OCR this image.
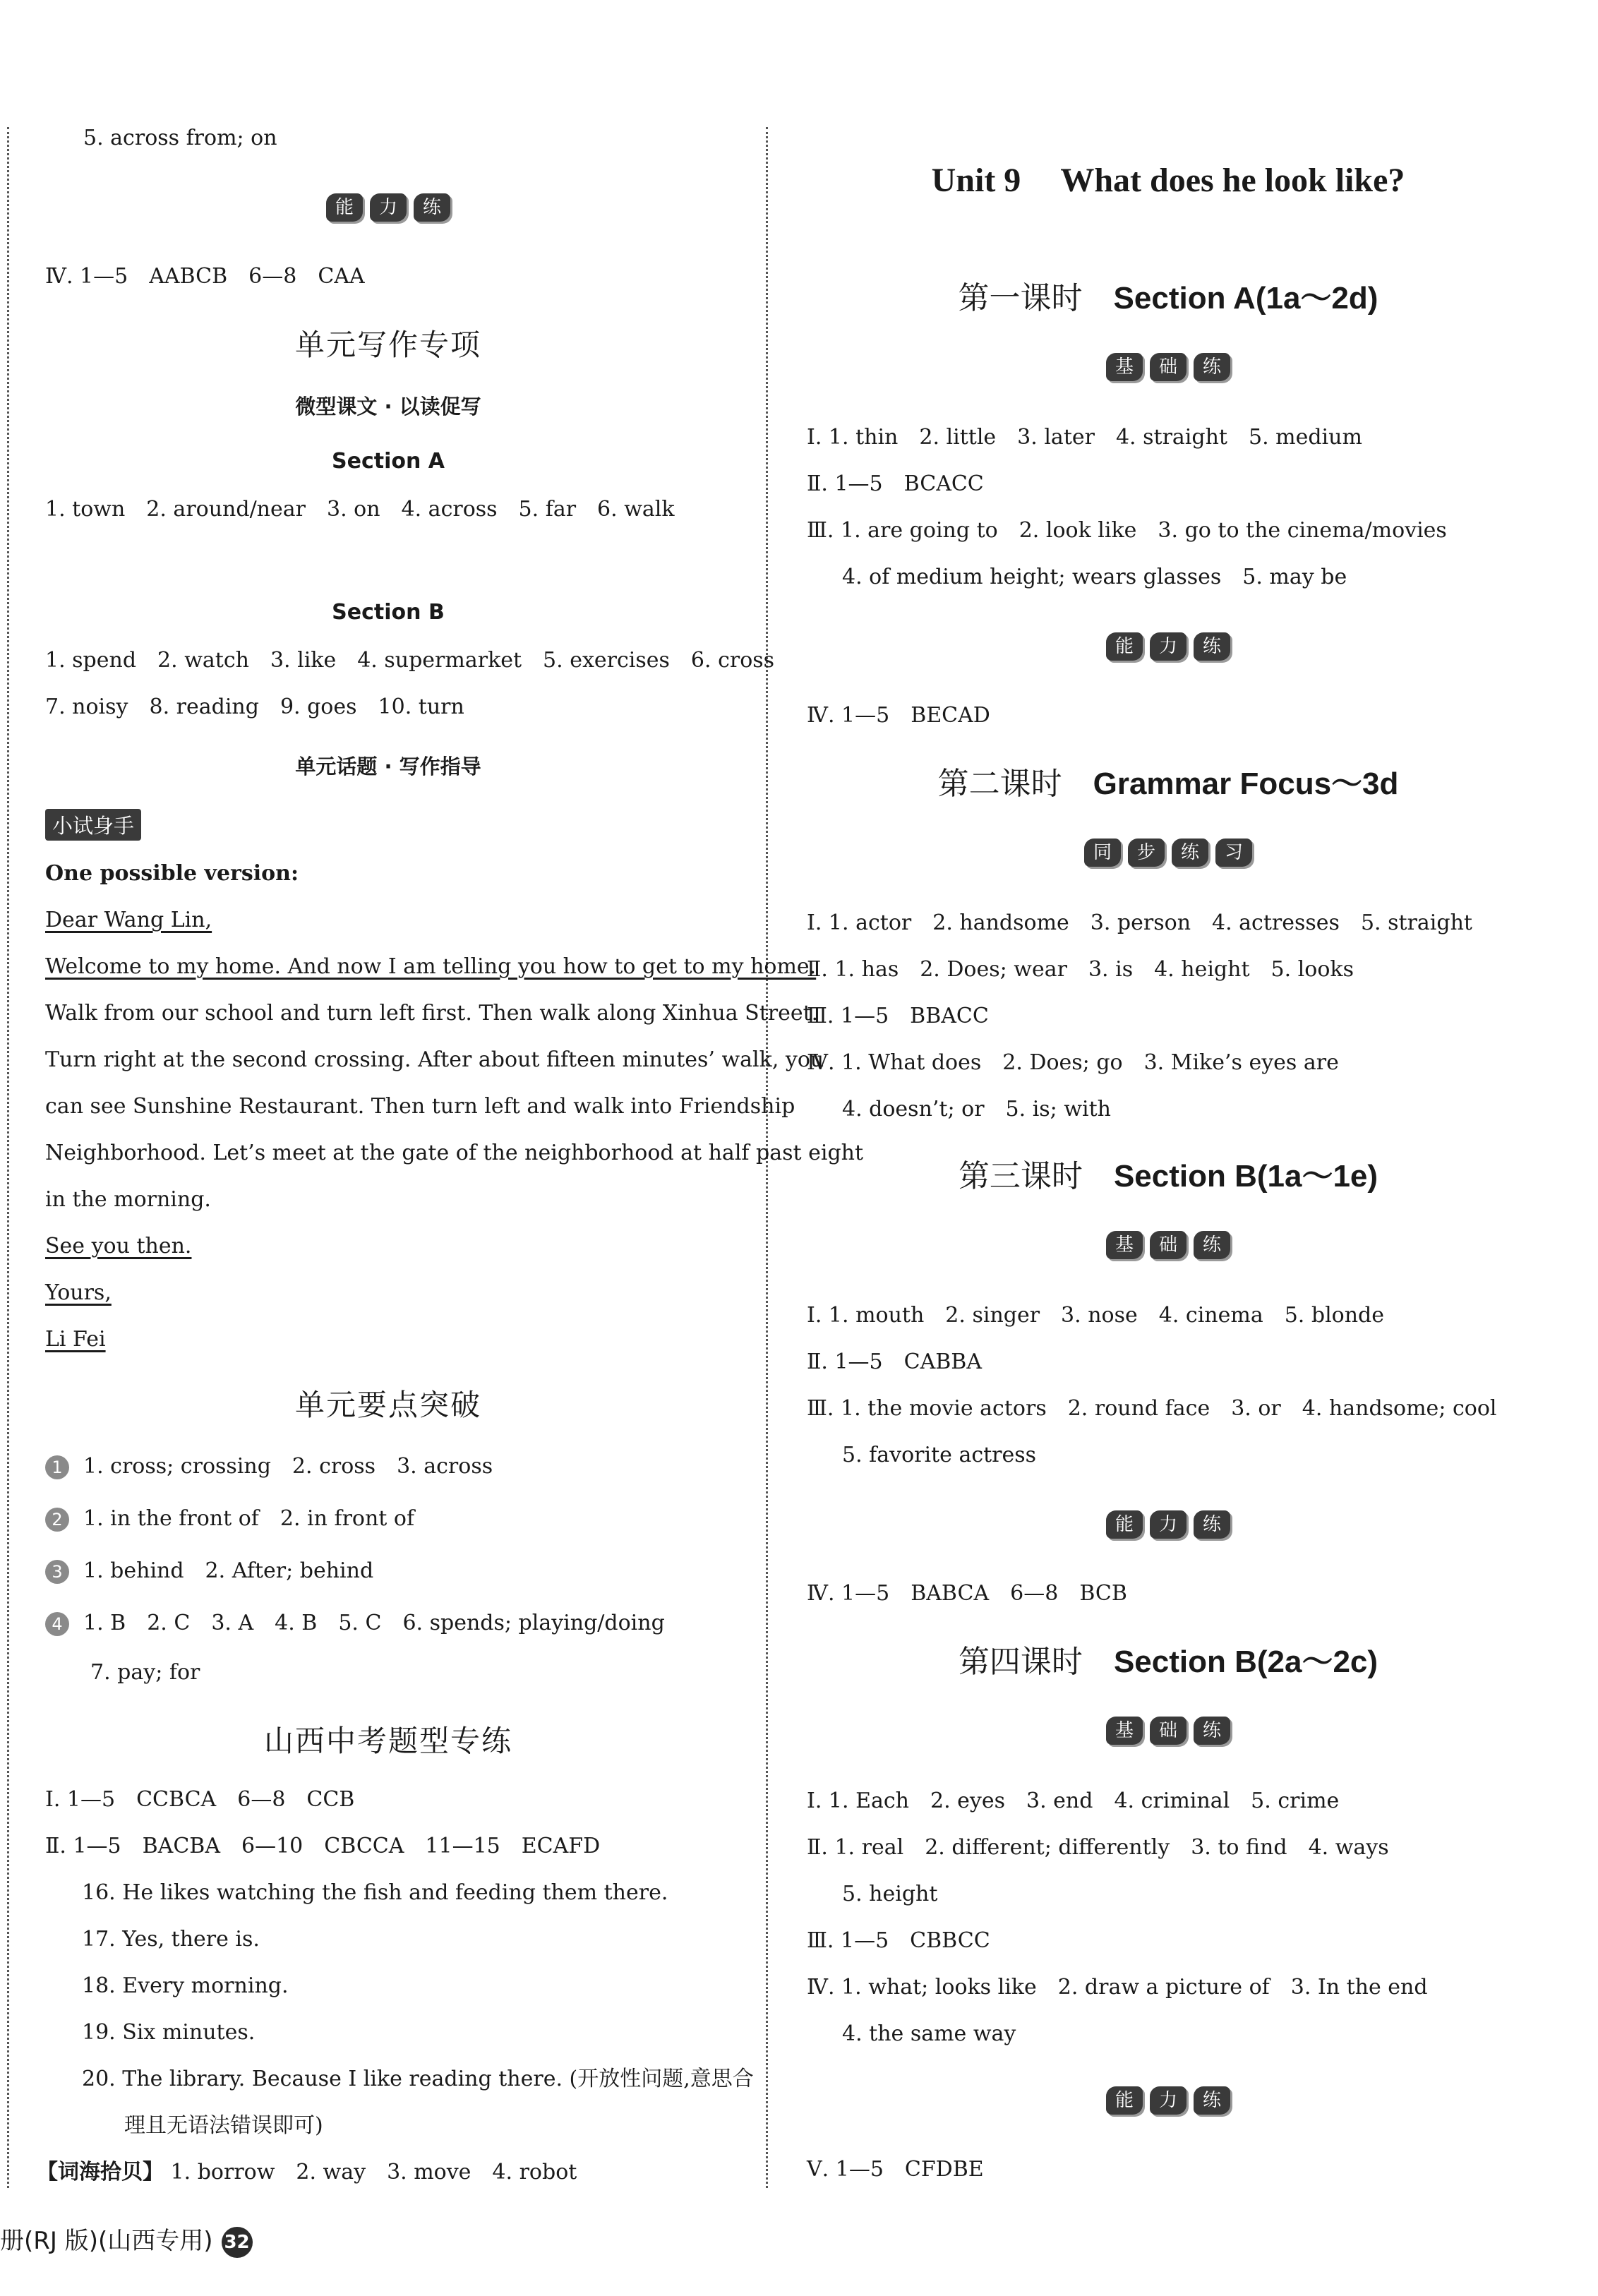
5. across from; on
能	力	练
Ⅳ. 1—5　AABCB　6—8　CAA
单元写作专项
微型课文 · 以读促写
Section A
1. town　2. around/near　3. on　4. across　5. far　6. walk
Section B
1. spend　2. watch　3. like　4. supermarket　5. exercises　6. cross
7. noisy　8. reading　9. goes　10. turn
单元话题 · 写作指导
小试身手
One possible version:
Dear Wang Lin,
Welcome to my home. And now I am telling you how to get to my home.
Walk from our school and turn left first. Then walk along Xinhua Street.
Turn right at the second crossing. After about fifteen minutes’ walk, you
can see Sunshine Restaurant. Then turn left and walk into Friendship
Neighborhood. Let’s meet at the gate of the neighborhood at half past eight
in the morning.
See you then.
Yours,
Li Fei
单元要点突破
1 1. cross; crossing　2. cross　3. across
2 1. in the front of　2. in front of
3 1. behind　2. After; behind
4 1. B　2. C　3. A　4. B　5. C　6. spends; playing/doing
7. pay; for
山西中考题型专练
Ⅰ. 1—5　CCBCA　6—8　CCB
Ⅱ. 1—5　BACBA　6—10　CBCCA　11—15　ECAFD
16. He likes watching the fish and feeding them there.
17. Yes, there is.
18. Every morning.
19. Six minutes.
20. The library. Because I like reading there. (开放性问题,意思合
理且无语法错误即可)
【词海拾贝】 1. borrow　2. way　3. move　4. robot
Unit 9 What does he look like?
第一课时 Section A(1a～2d)
基	础	练
Ⅰ. 1. thin　2. little　3. later　4. straight　5. medium
Ⅱ. 1—5　BCACC
Ⅲ. 1. are going to　2. look like　3. go to the cinema/movies
4. of medium height; wears glasses　5. may be
能	力	练
Ⅳ. 1—5　BECAD
第二课时 Grammar Focus～3d
同	步	练	习
Ⅰ. 1. actor　2. handsome　3. person　4. actresses　5. straight
Ⅱ. 1. has　2. Does; wear　3. is　4. height　5. looks
Ⅲ. 1—5　BBACC
Ⅳ. 1. What does　2. Does; go　3. Mike’s eyes are
4. doesn’t; or　5. is; with
第三课时 Section B(1a～1e)
基	础	练
Ⅰ. 1. mouth　2. singer　3. nose　4. cinema　5. blonde
Ⅱ. 1—5　CABBA
Ⅲ. 1. the movie actors　2. round face　3. or　4. handsome; cool
5. favorite actress
能	力	练
Ⅳ. 1—5　BABCA　6—8　BCB
第四课时 Section B(2a～2c)
基	础	练
Ⅰ. 1. Each　2. eyes　3. end　4. criminal　5. crime
Ⅱ. 1. real　2. different; differently　3. to find　4. ways
5. height
Ⅲ. 1—5　CBBCC
Ⅳ. 1. what; looks like　2. draw a picture of　3. In the end
4. the same way
能	力	练
Ⅴ. 1—5　CFDBE
册(RJ 版)(山西专用) 32
